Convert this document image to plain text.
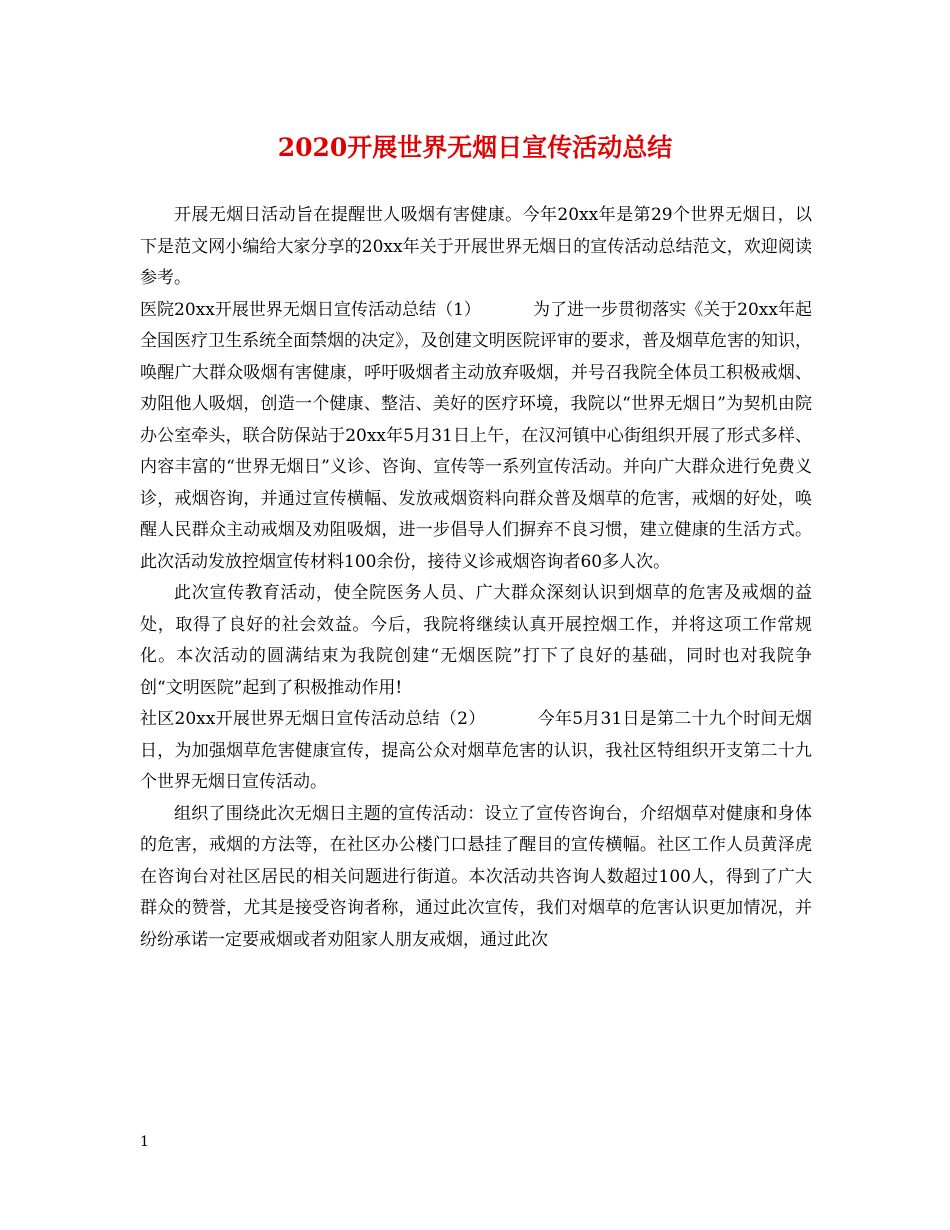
2020开展世界无烟日宣传活动总结

开展无烟日活动旨在提醒世人吸烟有害健康。今年20xx年是第29个世界无烟日，以下是范文网小编给大家分享的20xx年关于开展世界无烟日的宣传活动总结范文，欢迎阅读参考。

医院20xx开展世界无烟日宣传活动总结（1）	为了进一步贯彻落实《关于20xx年起全国医疗卫生系统全面禁烟的决定》，及创建文明医院评审的要求，普及烟草危害的知识，唤醒广大群众吸烟有害健康，呼吁吸烟者主动放弃吸烟，并号召我院全体员工积极戒烟、劝阻他人吸烟，创造一个健康、整洁、美好的医疗环境，我院以“世界无烟日”为契机由院办公室牵头，联合防保站于20xx年5月31日上午，在汉河镇中心街组织开展了形式多样、内容丰富的“世界无烟日”义诊、咨询、宣传等一系列宣传活动。并向广大群众进行免费义诊，戒烟咨询，并通过宣传横幅、发放戒烟资料向群众普及烟草的危害，戒烟的好处，唤醒人民群众主动戒烟及劝阻吸烟，进一步倡导人们摒弃不良习惯，建立健康的生活方式。此次活动发放控烟宣传材料100余份，接待义诊戒烟咨询者60多人次。

此次宣传教育活动，使全院医务人员、广大群众深刻认识到烟草的危害及戒烟的益处，取得了良好的社会效益。今后，我院将继续认真开展控烟工作，并将这项工作常规化。本次活动的圆满结束为我院创建“无烟医院”打下了良好的基础，同时也对我院争创“文明医院”起到了积极推动作用!

社区20xx开展世界无烟日宣传活动总结（2）	今年5月31日是第二十九个时间无烟日，为加强烟草危害健康宣传，提高公众对烟草危害的认识，我社区特组织开支第二十九个世界无烟日宣传活动。

组织了围绕此次无烟日主题的宣传活动：设立了宣传咨询台，介绍烟草对健康和身体的危害，戒烟的方法等，在社区办公楼门口悬挂了醒目的宣传横幅。社区工作人员黄泽虎在咨询台对社区居民的相关问题进行街道。本次活动共咨询人数超过100人，得到了广大群众的赞誉，尤其是接受咨询者称，通过此次宣传，我们对烟草的危害认识更加情况，并纷纷承诺一定要戒烟或者劝阻家人朋友戒烟，通过此次

1
